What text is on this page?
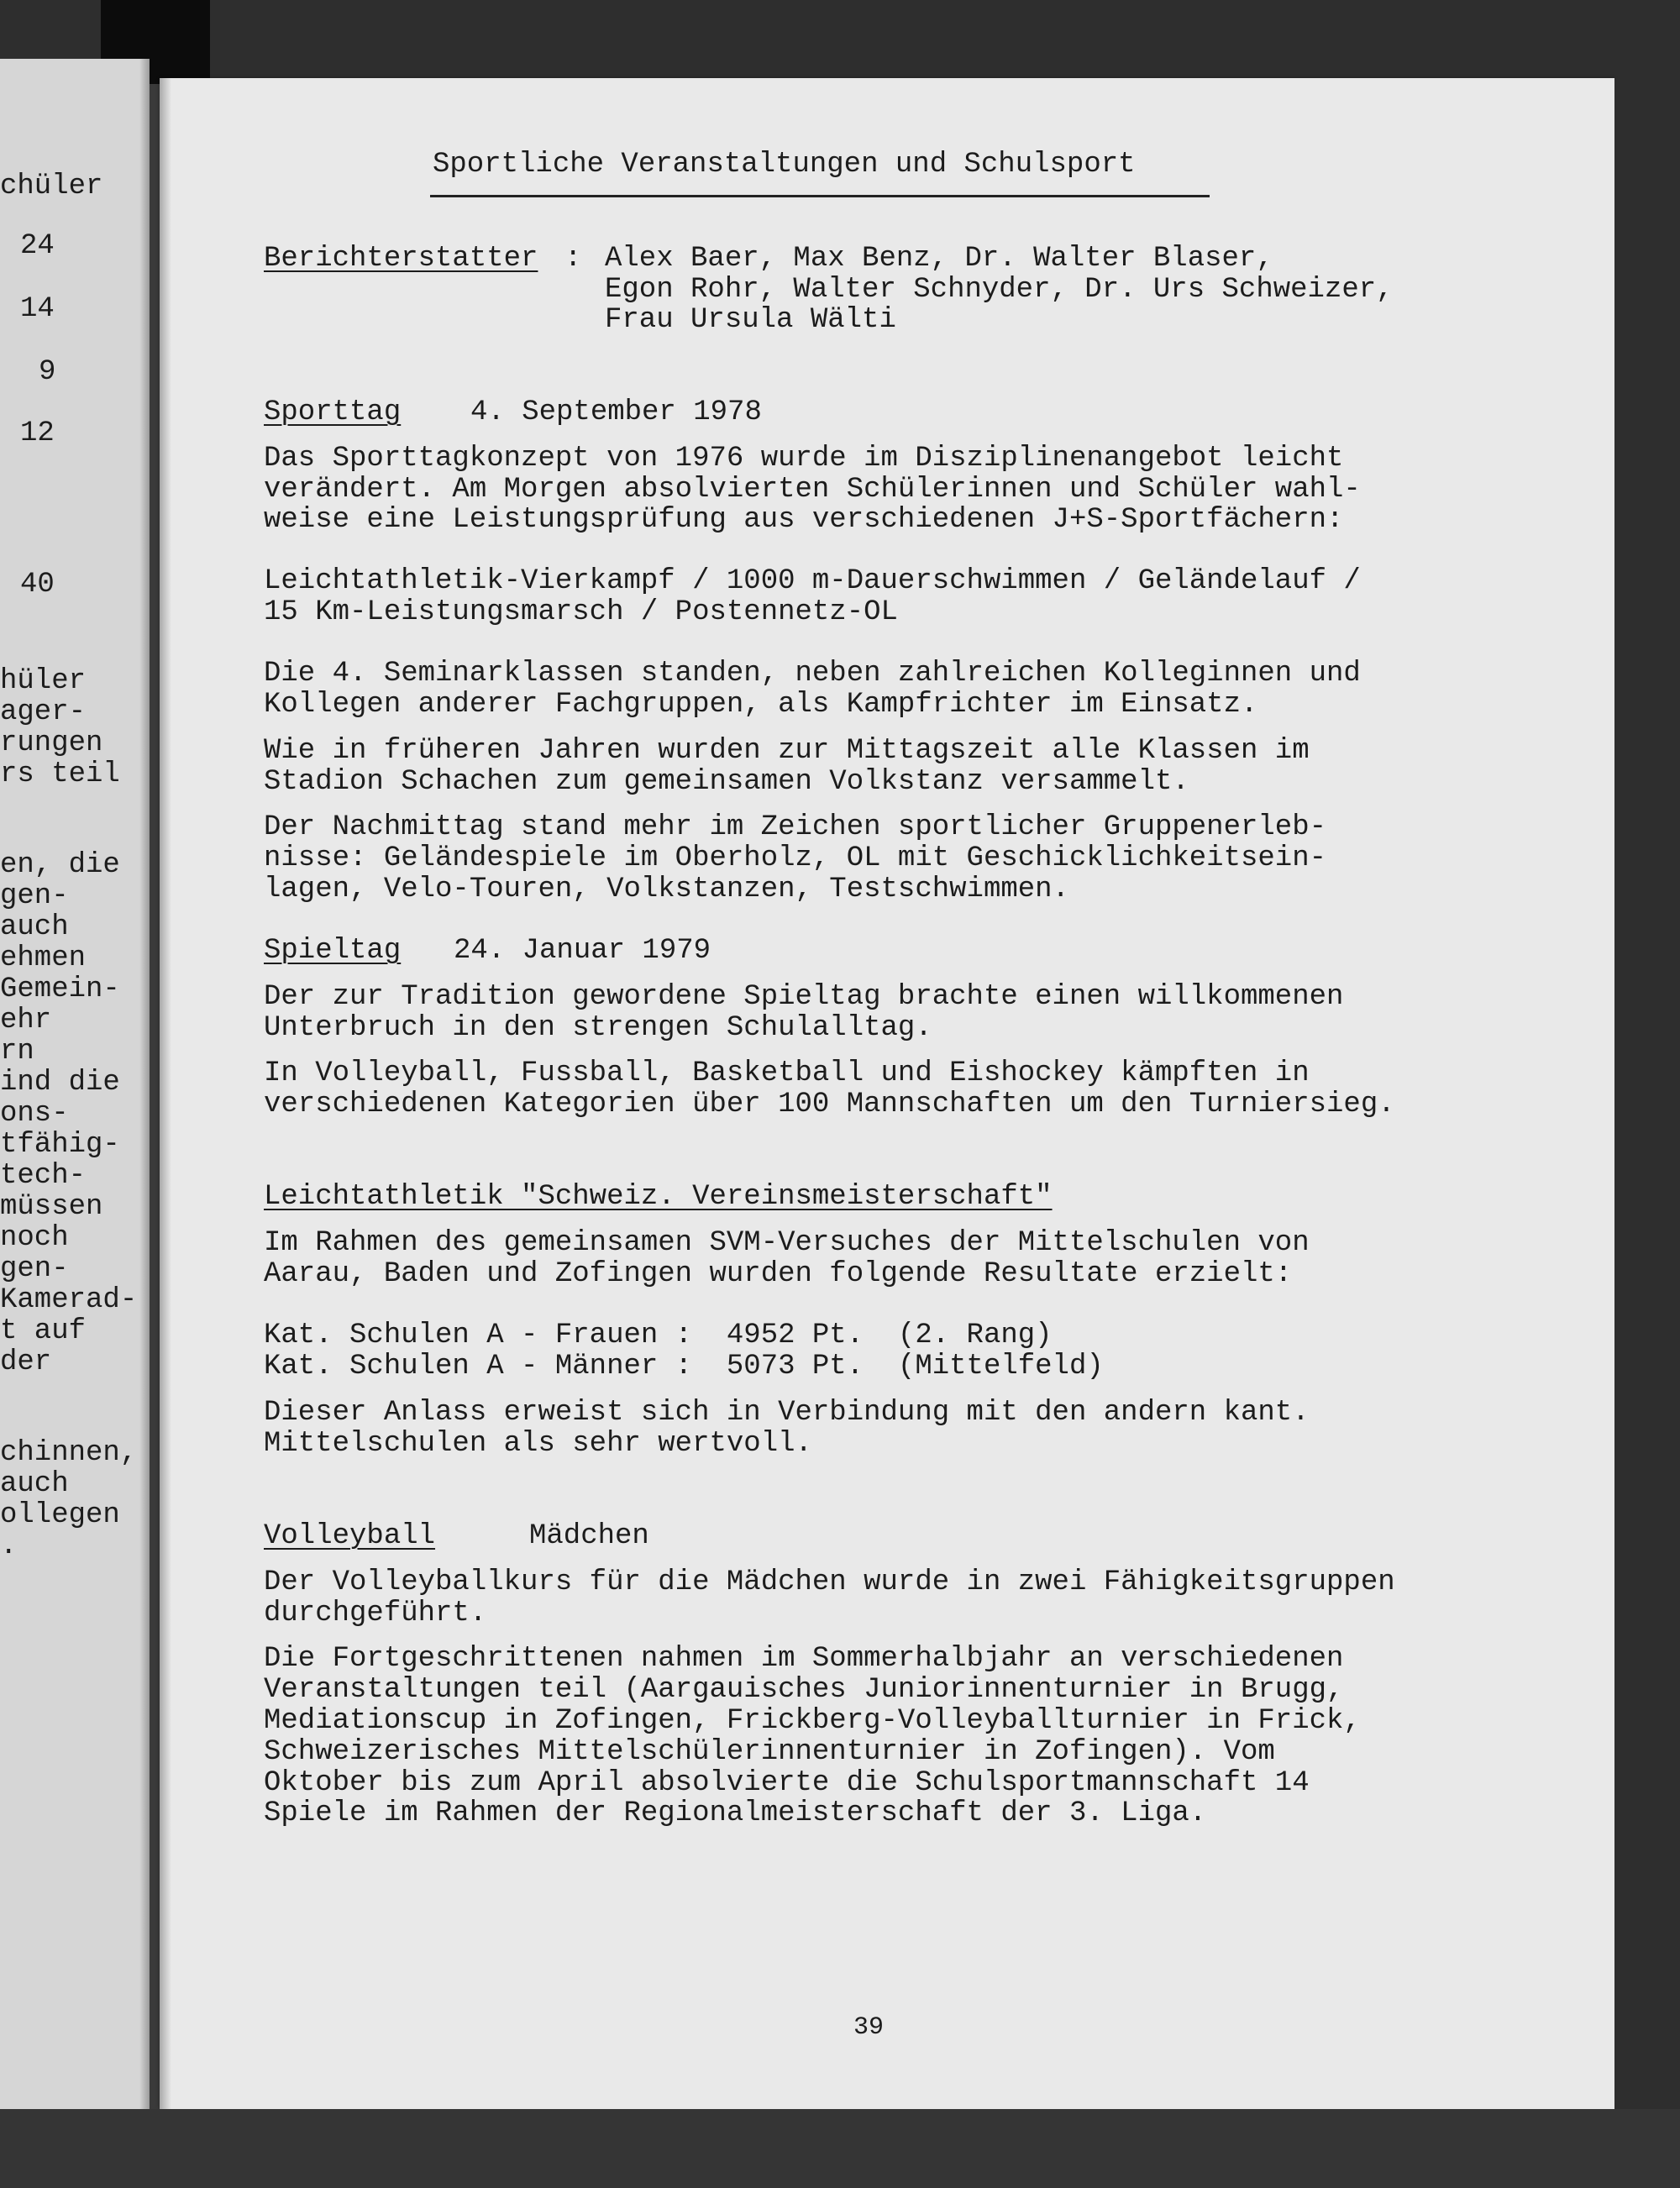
chüler
24
14
9
12
40
hüler
ager-
rungen
rs teil
en, die
gen-
auch
ehmen
Gemein-
ehr
rn
ind die
ons-
tfähig-
tech-
müssen
noch
gen-
Kamerad-
t auf
der
chinnen,
auch
ollegen
.
Sportliche Veranstaltungen und Schulsport
Berichterstatter : Alex Baer, Max Benz, Dr. Walter Blaser,
Egon Rohr, Walter Schnyder, Dr. Urs Schweizer,
Frau Ursula Wälti
Sporttag 4. September 1978
Das Sporttagkonzept von 1976 wurde im Disziplinenangebot leicht
verändert. Am Morgen absolvierten Schülerinnen und Schüler wahl-
weise eine Leistungsprüfung aus verschiedenen J+S-Sportfächern:
Leichtathletik-Vierkampf / 1000 m-Dauerschwimmen / Geländelauf /
15 Km-Leistungsmarsch / Postennetz-OL
Die 4. Seminarklassen standen, neben zahlreichen Kolleginnen und
Kollegen anderer Fachgruppen, als Kampfrichter im Einsatz.
Wie in früheren Jahren wurden zur Mittagszeit alle Klassen im
Stadion Schachen zum gemeinsamen Volkstanz versammelt.
Der Nachmittag stand mehr im Zeichen sportlicher Gruppenerleb-
nisse: Geländespiele im Oberholz, OL mit Geschicklichkeitsein-
lagen, Velo-Touren, Volkstanzen, Testschwimmen.
Spieltag 24. Januar 1979
Der zur Tradition gewordene Spieltag brachte einen willkommenen
Unterbruch in den strengen Schulalltag.
In Volleyball, Fussball, Basketball und Eishockey kämpften in
verschiedenen Kategorien über 100 Mannschaften um den Turniersieg.
Leichtathletik "Schweiz. Vereinsmeisterschaft"
Im Rahmen des gemeinsamen SVM-Versuches der Mittelschulen von
Aarau, Baden und Zofingen wurden folgende Resultate erzielt:
Kat. Schulen A - Frauen :  4952 Pt.  (2. Rang)
Kat. Schulen A - Männer :  5073 Pt.  (Mittelfeld)
Dieser Anlass erweist sich in Verbindung mit den andern kant.
Mittelschulen als sehr wertvoll.
Volleyball	Mädchen
Der Volleyballkurs für die Mädchen wurde in zwei Fähigkeitsgruppen
durchgeführt.
Die Fortgeschrittenen nahmen im Sommerhalbjahr an verschiedenen
Veranstaltungen teil (Aargauisches Juniorinnenturnier in Brugg,
Mediationscup in Zofingen, Frickberg-Volleyballturnier in Frick,
Schweizerisches Mittelschülerinnenturnier in Zofingen). Vom
Oktober bis zum April absolvierte die Schulsportmannschaft 14
Spiele im Rahmen der Regionalmeisterschaft der 3. Liga.
39
